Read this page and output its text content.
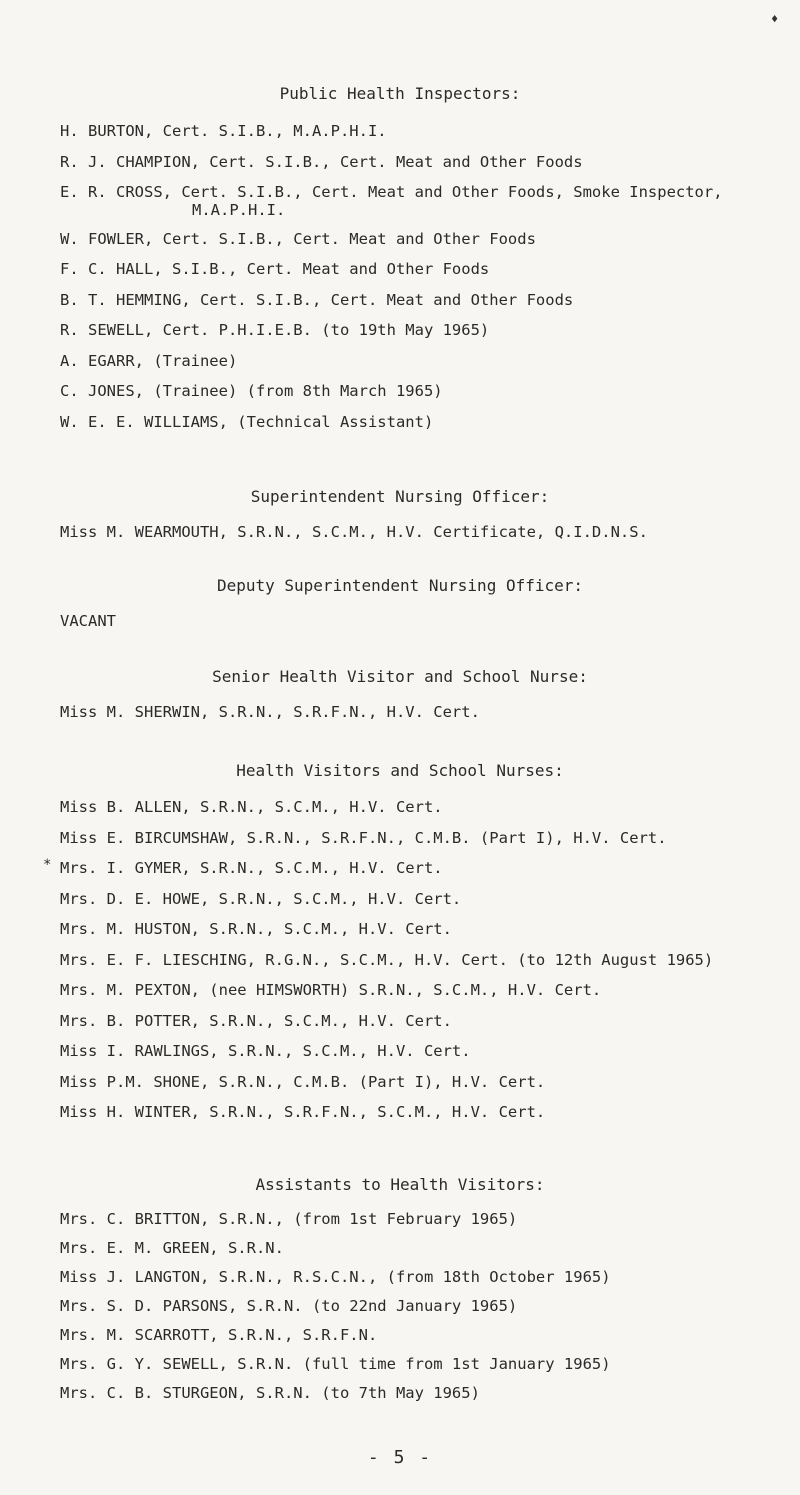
♦
Public Health Inspectors:
H. BURTON, Cert. S.I.B., M.A.P.H.I.
R. J. CHAMPION, Cert. S.I.B., Cert. Meat and Other Foods
E. R. CROSS, Cert. S.I.B., Cert. Meat and Other Foods, Smoke Inspector,
M.A.P.H.I.
W. FOWLER, Cert. S.I.B., Cert. Meat and Other Foods
F. C. HALL, S.I.B., Cert. Meat and Other Foods
B. T. HEMMING, Cert. S.I.B., Cert. Meat and Other Foods
R. SEWELL, Cert. P.H.I.E.B. (to 19th May 1965)
A. EGARR, (Trainee)
C. JONES, (Trainee) (from 8th March 1965)
W. E. E. WILLIAMS, (Technical Assistant)
Superintendent Nursing Officer:
Miss M. WEARMOUTH, S.R.N., S.C.M., H.V. Certificate, Q.I.D.N.S.
Deputy Superintendent Nursing Officer:
VACANT
Senior Health Visitor and School Nurse:
Miss M. SHERWIN, S.R.N., S.R.F.N., H.V. Cert.
Health Visitors and School Nurses:
*
Miss B. ALLEN, S.R.N., S.C.M., H.V. Cert.
Miss E. BIRCUMSHAW, S.R.N., S.R.F.N., C.M.B. (Part I), H.V. Cert.
Mrs. I. GYMER, S.R.N., S.C.M., H.V. Cert.
Mrs. D. E. HOWE, S.R.N., S.C.M., H.V. Cert.
Mrs. M. HUSTON, S.R.N., S.C.M., H.V. Cert.
Mrs. E. F. LIESCHING, R.G.N., S.C.M., H.V. Cert. (to 12th August 1965)
Mrs. M. PEXTON, (nee HIMSWORTH) S.R.N., S.C.M., H.V. Cert.
Mrs. B. POTTER, S.R.N., S.C.M., H.V. Cert.
Miss I. RAWLINGS, S.R.N., S.C.M., H.V. Cert.
Miss P.M. SHONE, S.R.N., C.M.B. (Part I), H.V. Cert.
Miss H. WINTER, S.R.N., S.R.F.N., S.C.M., H.V. Cert.
Assistants to Health Visitors:
Mrs. C. BRITTON, S.R.N., (from 1st February 1965)
Mrs. E. M. GREEN, S.R.N.
Miss J. LANGTON, S.R.N., R.S.C.N., (from 18th October 1965)
Mrs. S. D. PARSONS, S.R.N. (to 22nd January 1965)
Mrs. M. SCARROTT, S.R.N., S.R.F.N.
Mrs. G. Y. SEWELL, S.R.N. (full time from 1st January 1965)
Mrs. C. B. STURGEON, S.R.N. (to 7th May 1965)
- 5 -
